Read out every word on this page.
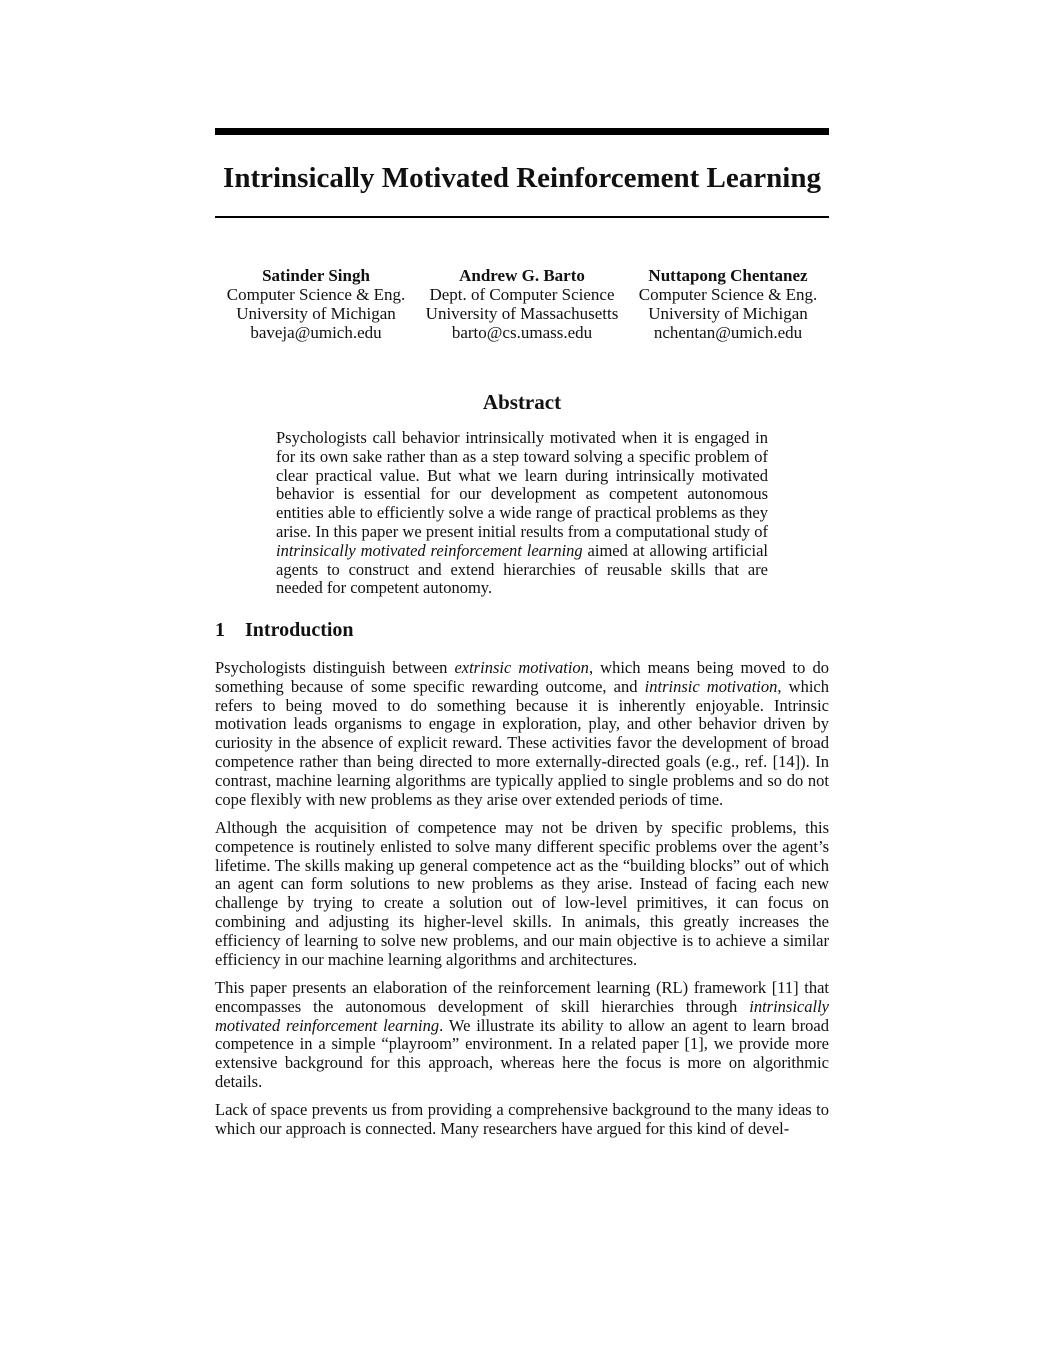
Intrinsically Motivated Reinforcement Learning
Satinder Singh
Computer Science & Eng.
University of Michigan
baveja@umich.edu
Andrew G. Barto
Dept. of Computer Science
University of Massachusetts
barto@cs.umass.edu
Nuttapong Chentanez
Computer Science & Eng.
University of Michigan
nchentan@umich.edu
Abstract

Psychologists call behavior intrinsically motivated when it is engaged in for its own sake rather than as a step toward solving a specific problem of clear practical value. But what we learn during intrinsically motivated behavior is essential for our development as competent autonomous entities able to efficiently solve a wide range of practical problems as they arise. In this paper we present initial results from a computational study of intrinsically motivated reinforcement learning aimed at allowing artificial agents to construct and extend hierarchies of reusable skills that are needed for competent autonomy.

1 Introduction

Psychologists distinguish between extrinsic motivation, which means being moved to do something because of some specific rewarding outcome, and intrinsic motivation, which refers to being moved to do something because it is inherently enjoyable. Intrinsic motivation leads organisms to engage in exploration, play, and other behavior driven by curiosity in the absence of explicit reward. These activities favor the development of broad competence rather than being directed to more externally-directed goals (e.g., ref. [14]). In contrast, machine learning algorithms are typically applied to single problems and so do not cope flexibly with new problems as they arise over extended periods of time.

Although the acquisition of competence may not be driven by specific problems, this competence is routinely enlisted to solve many different specific problems over the agent’s lifetime. The skills making up general competence act as the “building blocks” out of which an agent can form solutions to new problems as they arise. Instead of facing each new challenge by trying to create a solution out of low-level primitives, it can focus on combining and adjusting its higher-level skills. In animals, this greatly increases the efficiency of learning to solve new problems, and our main objective is to achieve a similar efficiency in our machine learning algorithms and architectures.

This paper presents an elaboration of the reinforcement learning (RL) framework [11] that encompasses the autonomous development of skill hierarchies through intrinsically motivated reinforcement learning. We illustrate its ability to allow an agent to learn broad competence in a simple “playroom” environment. In a related paper [1], we provide more extensive background for this approach, whereas here the focus is more on algorithmic details.

Lack of space prevents us from providing a comprehensive background to the many ideas to which our approach is connected. Many researchers have argued for this kind of devel-
